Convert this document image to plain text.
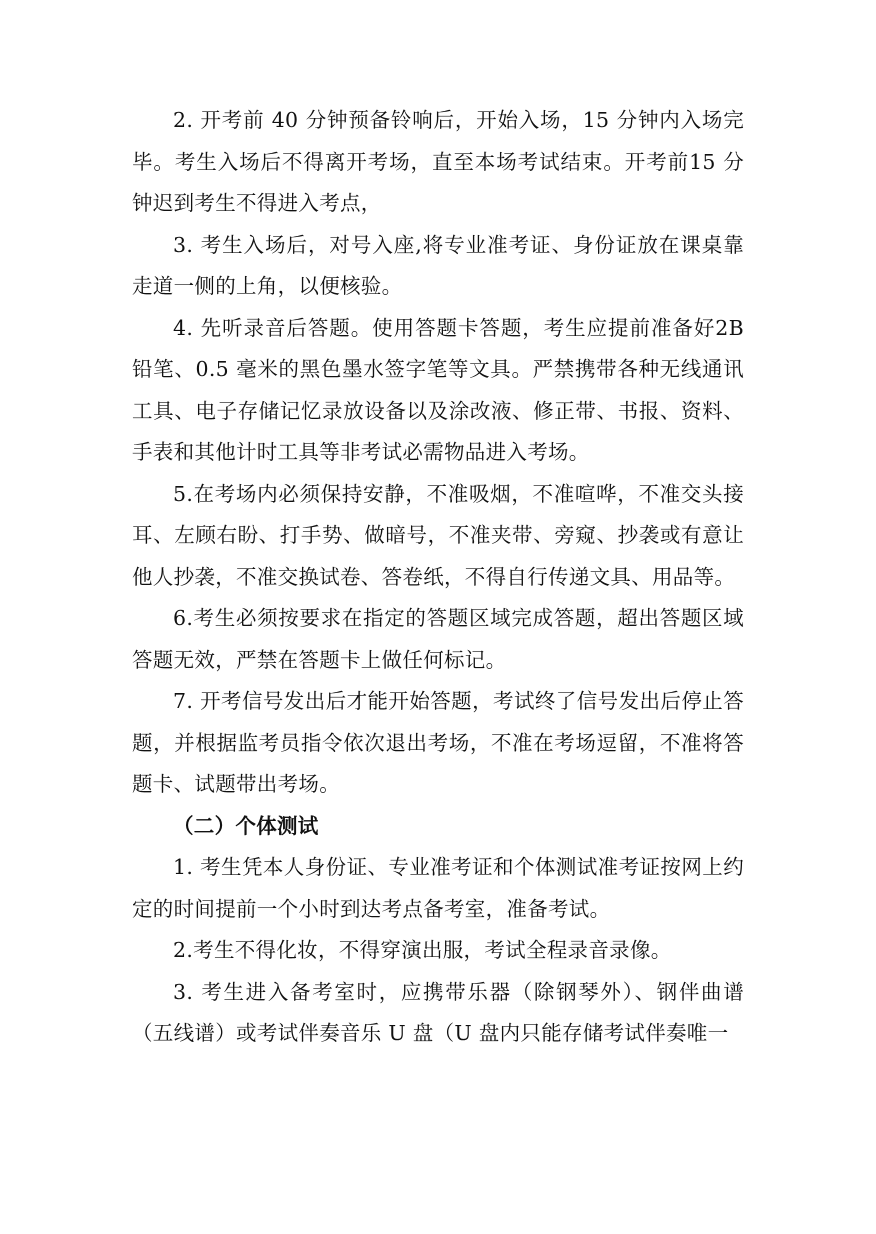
2. 开考前 40 分钟预备铃响后，开始入场，15 分钟内入场完毕。考生入场后不得离开考场，直至本场考试结束。开考前15 分钟迟到考生不得进入考点，

3. 考生入场后，对号入座,将专业准考证、身份证放在课桌靠走道一侧的上角，以便核验。

4. 先听录音后答题。使用答题卡答题，考生应提前准备好2B 铅笔、0.5 毫米的黑色墨水签字笔等文具。严禁携带各种无线通讯工具、电子存储记忆录放设备以及涂改液、修正带、书报、资料、手表和其他计时工具等非考试必需物品进入考场。

5.在考场内必须保持安静，不准吸烟，不准喧哗，不准交头接耳、左顾右盼、打手势、做暗号，不准夹带、旁窥、抄袭或有意让他人抄袭，不准交换试卷、答卷纸，不得自行传递文具、用品等。

6.考生必须按要求在指定的答题区域完成答题，超出答题区域答题无效，严禁在答题卡上做任何标记。

7. 开考信号发出后才能开始答题，考试终了信号发出后停止答题，并根据监考员指令依次退出考场，不准在考场逗留，不准将答题卡、试题带出考场。

（二）个体测试

1. 考生凭本人身份证、专业准考证和个体测试准考证按网上约定的时间提前一个小时到达考点备考室，准备考试。

2.考生不得化妆，不得穿演出服，考试全程录音录像。

3. 考生进入备考室时，应携带乐器（除钢琴外）、钢伴曲谱（五线谱）或考试伴奏音乐 U 盘（U 盘内只能存储考试伴奏唯一
